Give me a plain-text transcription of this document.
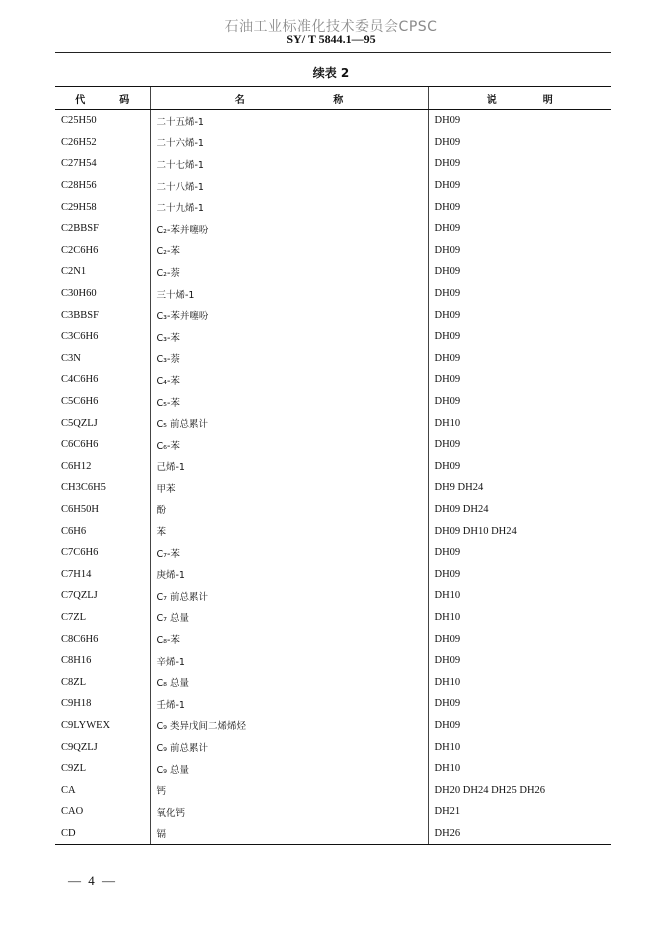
石油工业标准化技术委员会CPSC
SY/ T 5844.1—95
续表 2
代 码	名 称	说 明

C25H50	二十五烯-1	DH09
C26H52	二十六烯-1	DH09
C27H54	二十七烯-1	DH09
C28H56	二十八烯-1	DH09
C29H58	二十九烯-1	DH09
C2BBSF	C₂-苯并噻吩	DH09
C2C6H6	C₂-苯	DH09
C2N1	C₂-萘	DH09
C30H60	三十烯-1	DH09
C3BBSF	C₃-苯并噻吩	DH09
C3C6H6	C₃-苯	DH09
C3N	C₃-萘	DH09
C4C6H6	C₄-苯	DH09
C5C6H6	C₅-苯	DH09
C5QZLJ	C₅ 前总累计	DH10
C6C6H6	C₆-苯	DH09
C6H12	己烯-1	DH09
CH3C6H5	甲苯	DH9 DH24
C6H50H	酚	DH09 DH24
C6H6	苯	DH09 DH10 DH24
C7C6H6	C₇-苯	DH09
C7H14	庚烯-1	DH09
C7QZLJ	C₇ 前总累计	DH10
C7ZL	C₇ 总量	DH10
C8C6H6	C₈-苯	DH09
C8H16	辛烯-1	DH09
C8ZL	C₈ 总量	DH10
C9H18	壬烯-1	DH09
C9LYWEX	C₉ 类异戊间二烯烯烃	DH09
C9QZLJ	C₉ 前总累计	DH10
C9ZL	C₉ 总量	DH10
CA	钙	DH20 DH24 DH25 DH26
CAO	氧化钙	DH21
CD	镉	DH26
— 4 —
